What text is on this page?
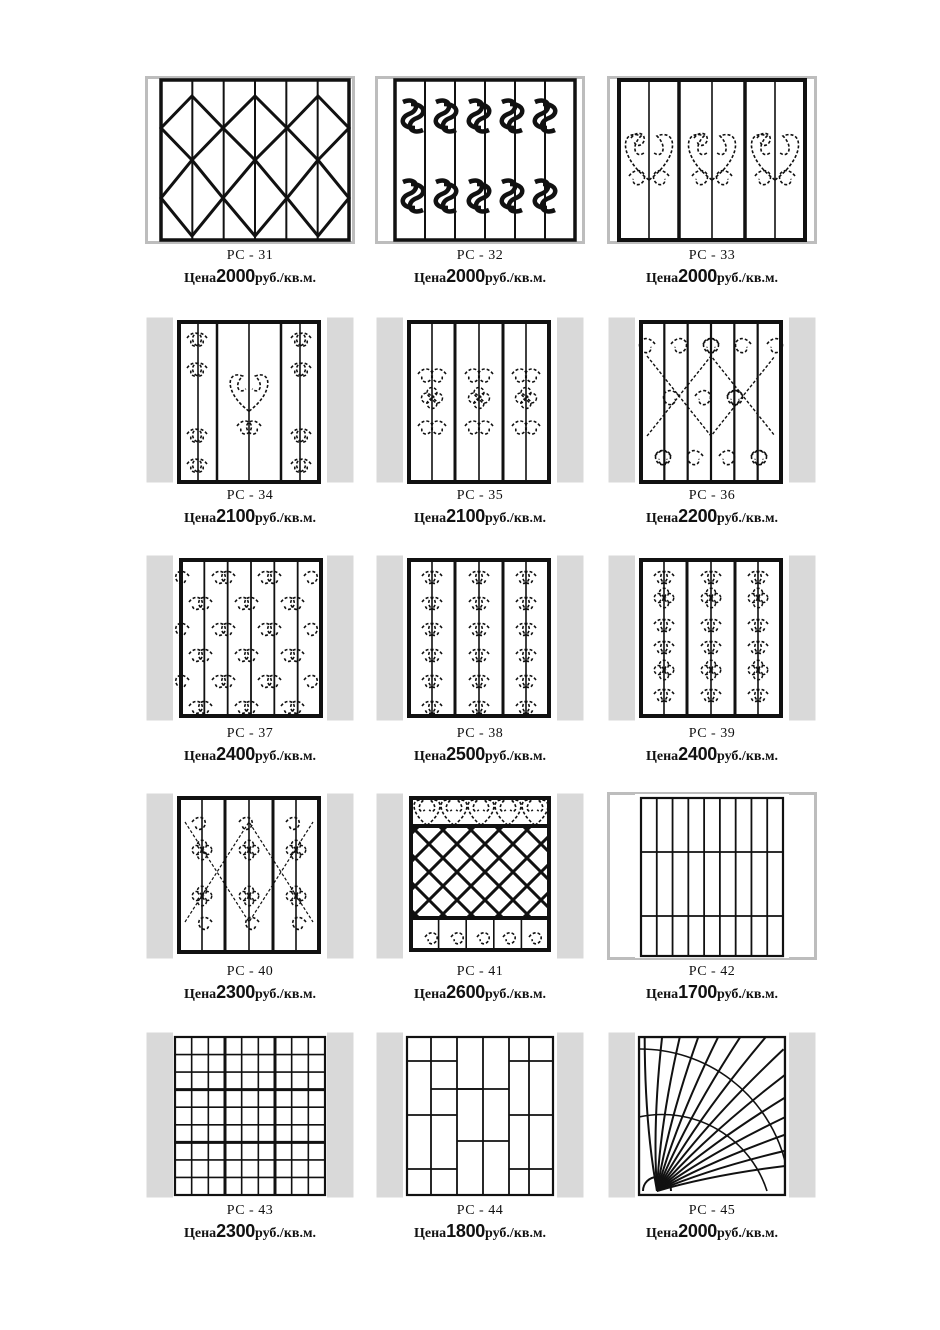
РС - 31
Цена2000руб./кв.м.
РС - 32
Цена2000руб./кв.м.
РС - 33
Цена2000руб./кв.м.
РС - 34
Цена2100руб./кв.м.
РС - 35
Цена2100руб./кв.м.
РС - 36
Цена2200руб./кв.м.
РС - 37
Цена2400руб./кв.м.
РС - 38
Цена2500руб./кв.м.
РС - 39
Цена2400руб./кв.м.
РС - 40
Цена2300руб./кв.м.
РС - 41
Цена2600руб./кв.м.
РС - 42
Цена1700руб./кв.м.
РС - 43
Цена2300руб./кв.м.
РС - 44
Цена1800руб./кв.м.
РС - 45
Цена2000руб./кв.м.
